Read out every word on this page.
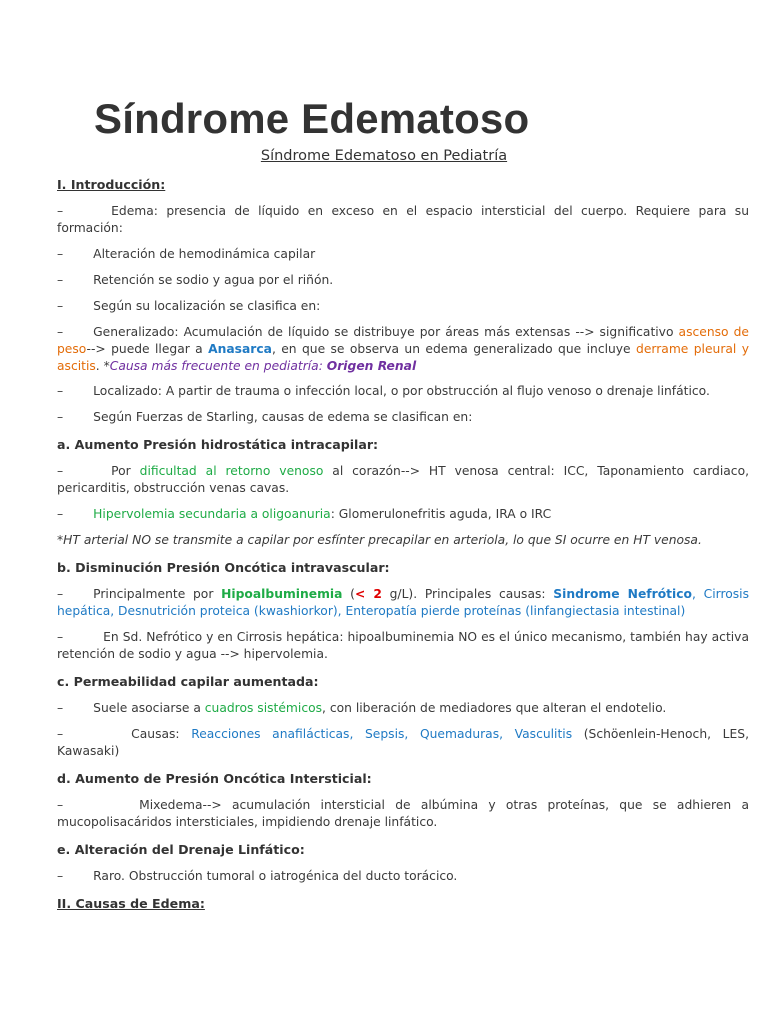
Síndrome Edematoso
Síndrome Edematoso en Pediatría
I. Introducción:

–	Edema: presencia de líquido en exceso en el espacio intersticial del cuerpo. Requiere para su formación:

– Alteración de hemodinámica capilar

– Retención se sodio y agua por el riñón.

– Según su localización se clasifica en:

– Generalizado: Acumulación de líquido se distribuye por áreas más extensas --> significativo ascenso de peso--> puede llegar a Anasarca, en que se observa un edema generalizado que incluye derrame pleural y ascitis. *Causa más frecuente en pediatría: Origen Renal

– Localizado: A partir de trauma o infección local, o por obstrucción al flujo venoso o drenaje linfático.

– Según Fuerzas de Starling, causas de edema se clasifican en:

a. Aumento Presión hidrostática intracapilar:

–	Por dificultad al retorno venoso al corazón--> HT venosa central: ICC, Taponamiento cardiaco, pericarditis, obstrucción venas cavas.

– Hipervolemia secundaria a oligoanuria: Glomerulonefritis aguda, IRA o IRC

*HT arterial NO se transmite a capilar por esfínter precapilar en arteriola, lo que SI ocurre en HT venosa.

b. Disminución Presión Oncótica intravascular:

– Principalmente por Hipoalbuminemia (< 2 g/L). Principales causas: Sindrome Nefrótico, Cirrosis hepática, Desnutrición proteica (kwashiorkor), Enteropatía pierde proteínas (linfangiectasia intestinal)

–	En Sd. Nefrótico y en Cirrosis hepática: hipoalbuminemia NO es el único mecanismo, también hay activa retención de sodio y agua --> hipervolemia.

c. Permeabilidad capilar aumentada:

– Suele asociarse a cuadros sistémicos, con liberación de mediadores que alteran el endotelio.

–	Causas: Reacciones anafilácticas, Sepsis, Quemaduras, Vasculitis (Schöenlein-Henoch, LES, Kawasaki)

d. Aumento de Presión Oncótica Intersticial:

–	Mixedema--> acumulación intersticial de albúmina y otras proteínas, que se adhieren a mucopolisacáridos intersticiales, impidiendo drenaje linfático.

e. Alteración del Drenaje Linfático:

– Raro. Obstrucción tumoral o iatrogénica del ducto torácico.

II. Causas de Edema:
